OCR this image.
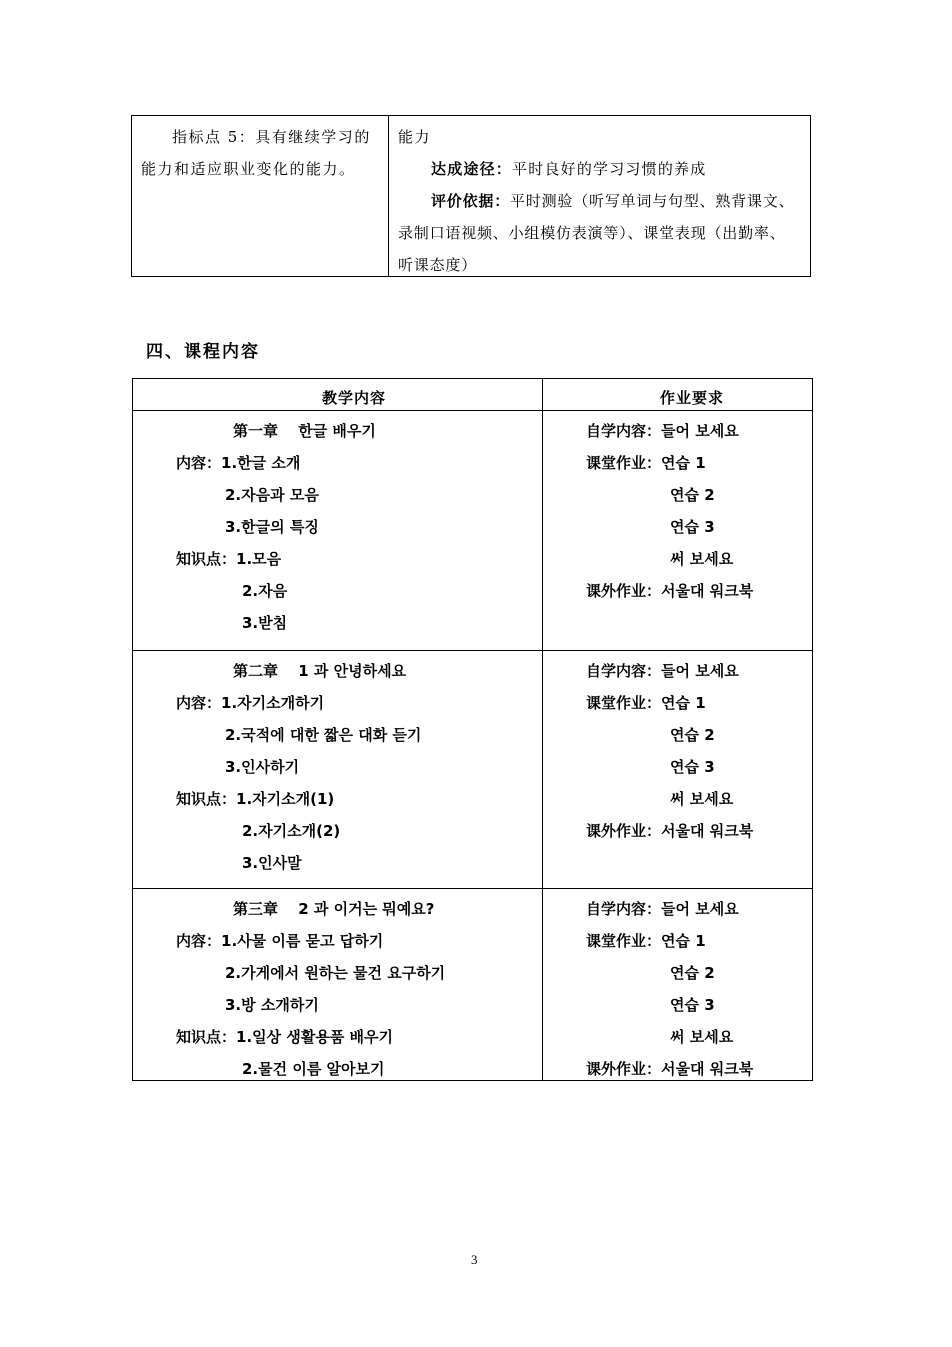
指标点 5：具有继续学习的
能力和适应职业变化的能力。
能力
达成途径：平时良好的学习习惯的养成
评价依据：平时测验（听写单词与句型、熟背课文、
录制口语视频、小组模仿表演等）、课堂表现（出勤率、
听课态度）
四、课程内容
教学内容	作业要求
第一章　 한글 배우기
内容：1.한글 소개
2.자음과 모음
3.한글의 특징
知识点：1.모음
2.자음
3.받침
自学内容：들어 보세요
课堂作业：연습 1
연습 2
연습 3
써 보세요
课外作业：서울대 워크북
第二章　 1 과 안녕하세요
内容：1.자기소개하기
2.국적에 대한 짧은 대화 듣기
3.인사하기
知识点：1.자기소개(1)
2.자기소개(2)
3.인사말
自学内容：들어 보세요
课堂作业：연습 1
연습 2
연습 3
써 보세요
课外作业：서울대 워크북
第三章　 2 과 이거는 뭐예요?
内容：1.사물 이름 묻고 답하기
2.가게에서 원하는 물건 요구하기
3.방 소개하기
知识点：1.일상 생활용품 배우기
2.물건 이름 알아보기
自学内容：들어 보세요
课堂作业：연습 1
연습 2
연습 3
써 보세요
课外作业：서울대 워크북
3
